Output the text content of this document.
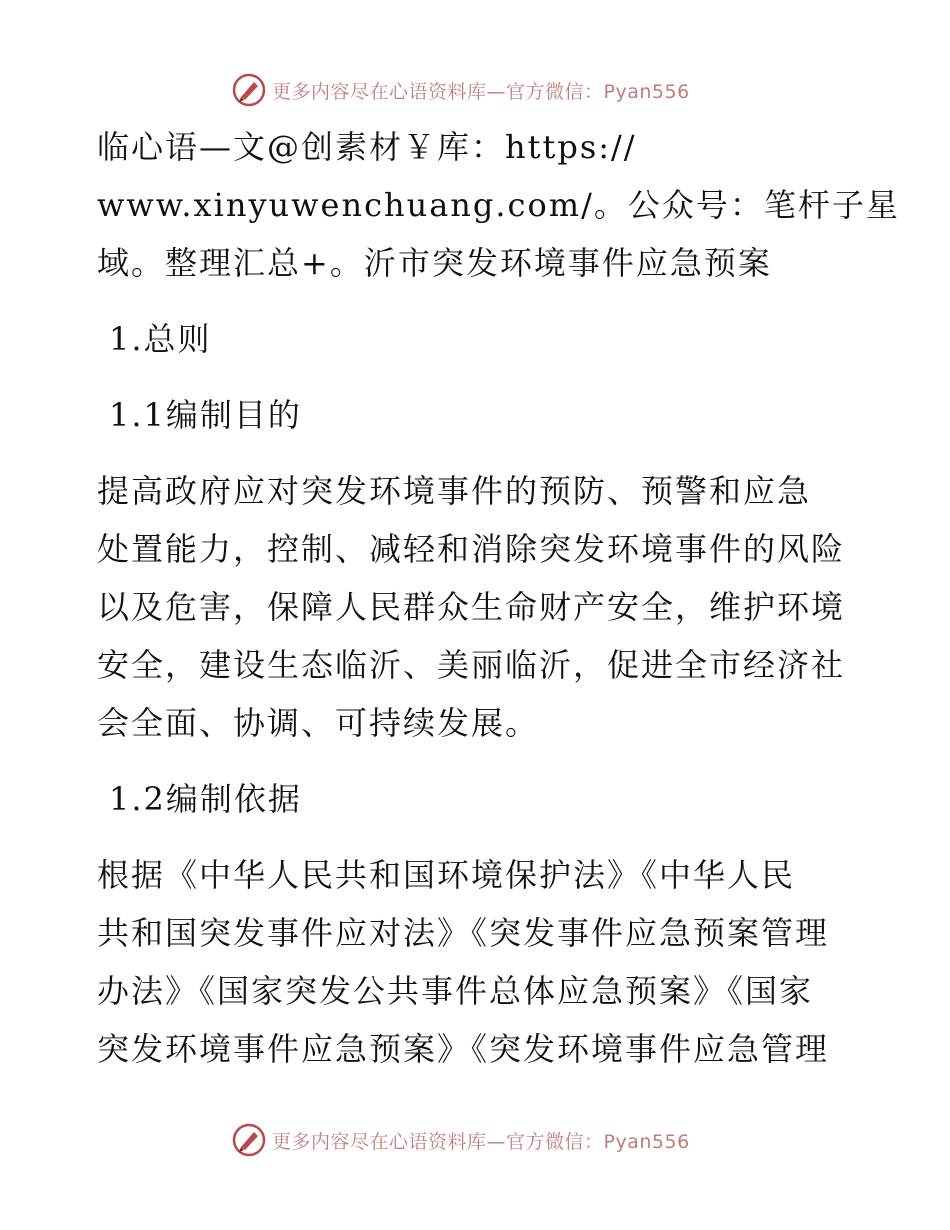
更多内容尽在心语资料库—官方微信：Pyan556

临心语—文@创素材￥库：https://
www.xinyuwenchuang.com/。公众号：笔杆子星
域。整理汇总+。沂市突发环境事件应急预案

1.总则

1.1编制目的

提高政府应对突发环境事件的预防、预警和应急
处置能力，控制、减轻和消除突发环境事件的风险
以及危害，保障人民群众生命财产安全，维护环境
安全，建设生态临沂、美丽临沂，促进全市经济社
会全面、协调、可持续发展。

1.2编制依据

根据《中华人民共和国环境保护法》《中华人民
共和国突发事件应对法》《突发事件应急预案管理
办法》《国家突发公共事件总体应急预案》《国家
突发环境事件应急预案》《突发环境事件应急管理

更多内容尽在心语资料库—官方微信：Pyan556
